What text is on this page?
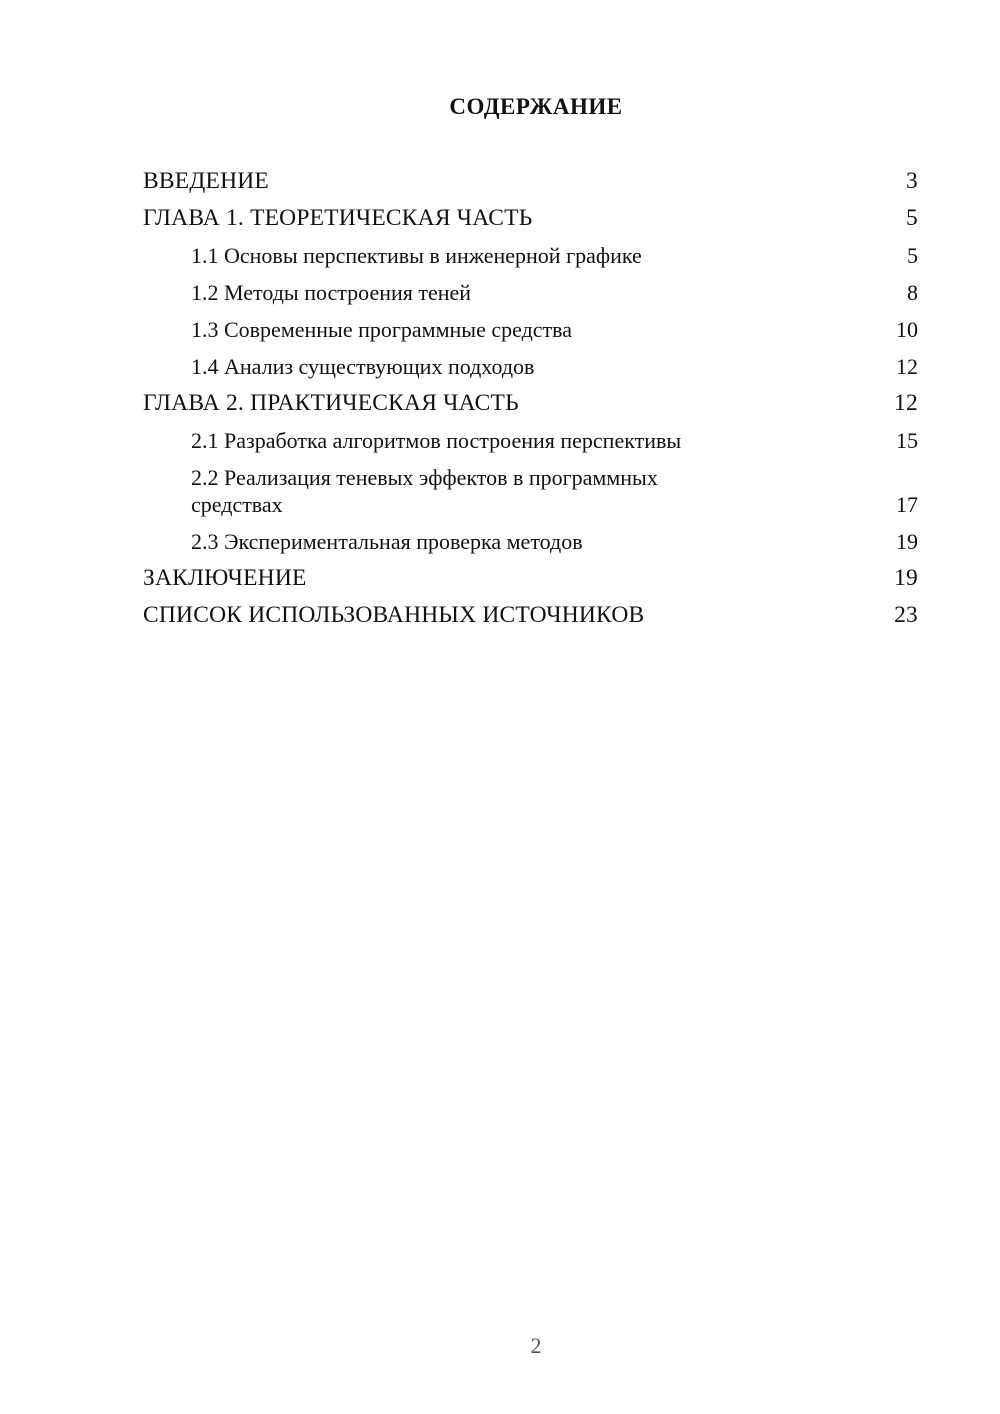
СОДЕРЖАНИЕ
ВВЕДЕНИЕ	3
ГЛАВА 1. ТЕОРЕТИЧЕСКАЯ ЧАСТЬ	5
1.1 Основы перспективы в инженерной графике	5
1.2 Методы построения теней	8
1.3 Современные программные средства	10
1.4 Анализ существующих подходов	12
ГЛАВА 2. ПРАКТИЧЕСКАЯ ЧАСТЬ	12
2.1 Разработка алгоритмов построения перспективы	15
2.2 Реализация теневых эффектов в программных средствах	17
2.3 Экспериментальная проверка методов	19
ЗАКЛЮЧЕНИЕ	19
СПИСОК ИСПОЛЬЗОВАННЫХ ИСТОЧНИКОВ	23
2
